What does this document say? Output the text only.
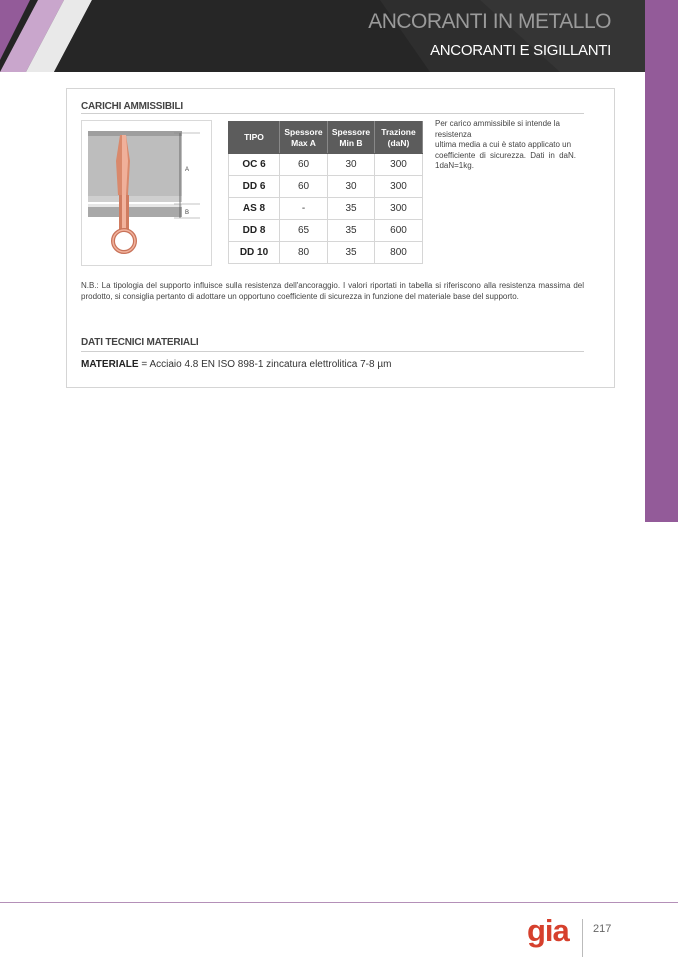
ANCORANTI IN METALLO
ANCORANTI E SIGILLANTI
CARICHI AMMISSIBILI
A
B
TIPO	Spessore Max A	Spessore Min B	Trazione (daN)
OC 6	60	30	300
DD 6	60	30	300
AS 8	-	35	300
DD 8	65	35	600
DD 10	80	35	800
Per carico ammissibile si intende la resistenza
ultima media a cui è stato applicato un
coefficiente di sicurezza. Dati in daN. 1daN=1kg.
N.B.: La tipologia del supporto influisce sulla resistenza dell'ancoraggio. I valori riportati in tabella si riferiscono alla resistenza massima del prodotto, si consiglia pertanto di adottare un opportuno coefficiente di sicurezza in funzione del materiale base del supporto.
DATI TECNICI MATERIALI
MATERIALE = Acciaio 4.8 EN ISO 898-1 zincatura elettrolitica 7-8 µm
gia 217
